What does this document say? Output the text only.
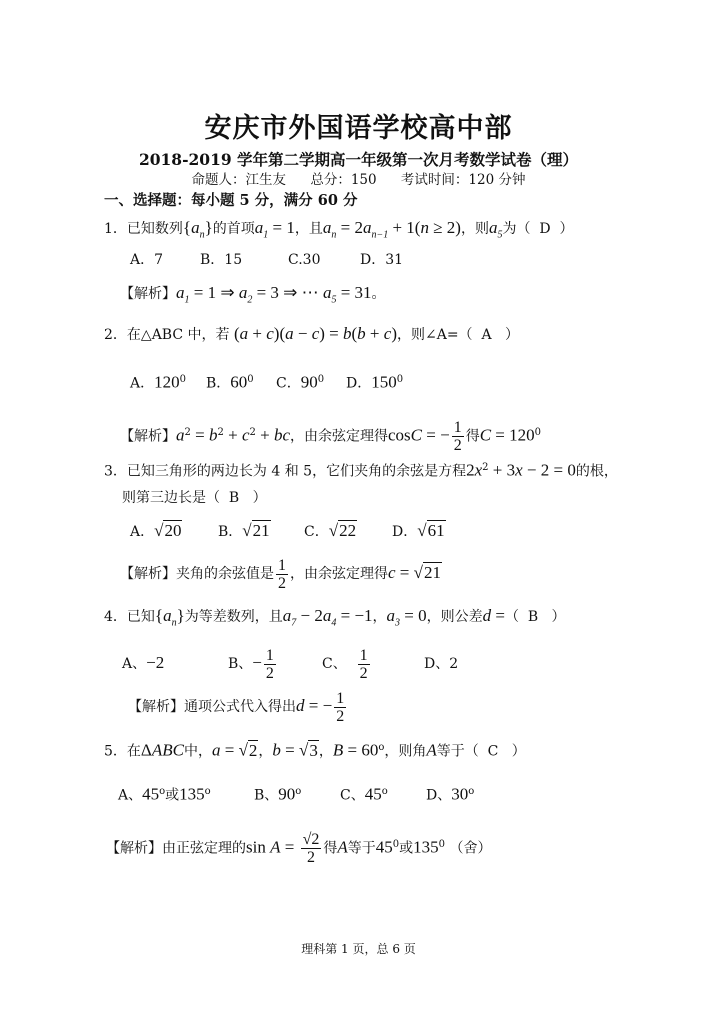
安庆市外国语学校高中部
2018-2019 学年第二学期高一年级第一次月考数学试卷（理）
命题人：江生友 总分：150 考试时间：120 分钟
一、选择题：每小题 5 分，满分 60 分
1．已知数列$\{a_n\}$的首项$a_1 = 1$，且$a_n = 2a_{n-1} + 1(n \ge 2)$，则$a_5$为（ D ）
A．7	B．15	C.30	D．31
【解析】$a_1 = 1$ ⇒ $a_2 = 3$ ⇒ ⋯ $a_5 = 31$。
2．在△ABC 中，若 (a + c)(a − c) = b(b + c)，则∠A=（ A ）
A．$120^0$ B．$60^0$ C．$90^0$ D．$150^0$
【解析】$a^2 = b^2 + c^2$ + bc，由余弦定理得cosC = − $\frac{1}{2}$ 得$C = 120^0$
3．已知三角形的两边长为 4 和 5，它们夹角的余弦是方程$2x^2 + 3x - 2 = 0$的根，
则第三边长是（ B ）
A．√20	B．√21 C．√22	D．√61
【解析】夹角的余弦值是 $\frac{1}{2}$ ，由余弦定理得c = √21
4．已知$\{a_n\}$为等差数列，且$a_7 - 2a_4 = -1$，$a_3 = 0$，则公差d =（ B ）
A、−2	B、− $\frac{1}{2}$	C、 $\frac{1}{2}$	D、2
【解析】通项公式代入得出d = − $\frac{1}{2}$
5．在ΔABC中，a = √2，b = √3，$B = 60^o$，则角A等于（ C ）
A、45$^o$或135$^o$	B、90$^o$	C、45$^o$	D、30$^o$
【解析】由正弦定理的$\sin A = \frac{√2}{2}$ 得A等于$45^0$或$135^0$ （舍）
理科第 1 页，总 6 页
